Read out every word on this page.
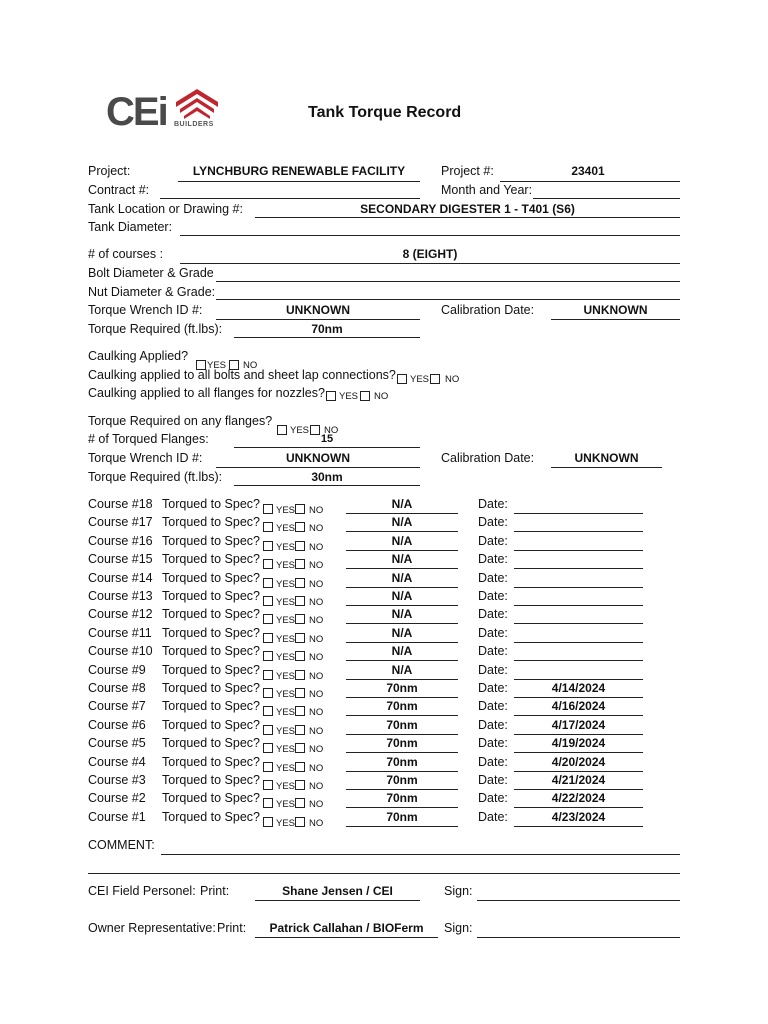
CEi BUILDERS
Tank Torque Record
Project:	LYNCHBURG RENEWABLE FACILITY	Project #:	23401
Contract #:	Month and Year:
Tank Location or Drawing #:	SECONDARY DIGESTER 1 - T401 (S6)
Tank Diameter:
# of courses :	8 (EIGHT)
Bolt Diameter & Grade
Nut Diameter & Grade:
Torque Wrench ID #:	UNKNOWN	Calibration Date:	UNKNOWN
Torque Required (ft.lbs):	70nm
Caulking Applied?
YES NO
Caulking applied to all bolts and sheet lap connections? YES NO
Caulking applied to all flanges for nozzles? YES NO
Torque Required on any flanges?
YES NO
# of Torqued Flanges:	15
Torque Wrench ID #:	UNKNOWN	Calibration Date:	UNKNOWN
Torque Required (ft.lbs):	30nm
Course #18 Torqued to Spec? YES NO	N/A	Date:
Course #17 Torqued to Spec? YES NO	N/A	Date:
Course #16 Torqued to Spec? YES NO	N/A	Date:
Course #15 Torqued to Spec? YES NO	N/A	Date:
Course #14 Torqued to Spec? YES NO	N/A	Date:
Course #13 Torqued to Spec? YES NO	N/A	Date:
Course #12 Torqued to Spec? YES NO	N/A	Date:
Course #11 Torqued to Spec? YES NO	N/A	Date:
Course #10 Torqued to Spec? YES NO	N/A	Date:
Course #9 Torqued to Spec? YES NO	N/A	Date:
Course #8 Torqued to Spec? YES NO	70nm	Date:	4/14/2024
Course #7 Torqued to Spec? YES NO	70nm	Date:	4/16/2024
Course #6 Torqued to Spec? YES NO	70nm	Date:	4/17/2024
Course #5 Torqued to Spec? YES NO	70nm	Date:	4/19/2024
Course #4 Torqued to Spec? YES NO	70nm	Date:	4/20/2024
Course #3 Torqued to Spec? YES NO	70nm	Date:	4/21/2024
Course #2 Torqued to Spec? YES NO	70nm	Date:	4/22/2024
Course #1 Torqued to Spec? YES NO	70nm	Date:	4/23/2024
COMMENT:
CEI Field Personel: Print:	Shane Jensen / CEI	Sign:
Owner Representative: Print:	Patrick Callahan / BIOFerm	Sign:
